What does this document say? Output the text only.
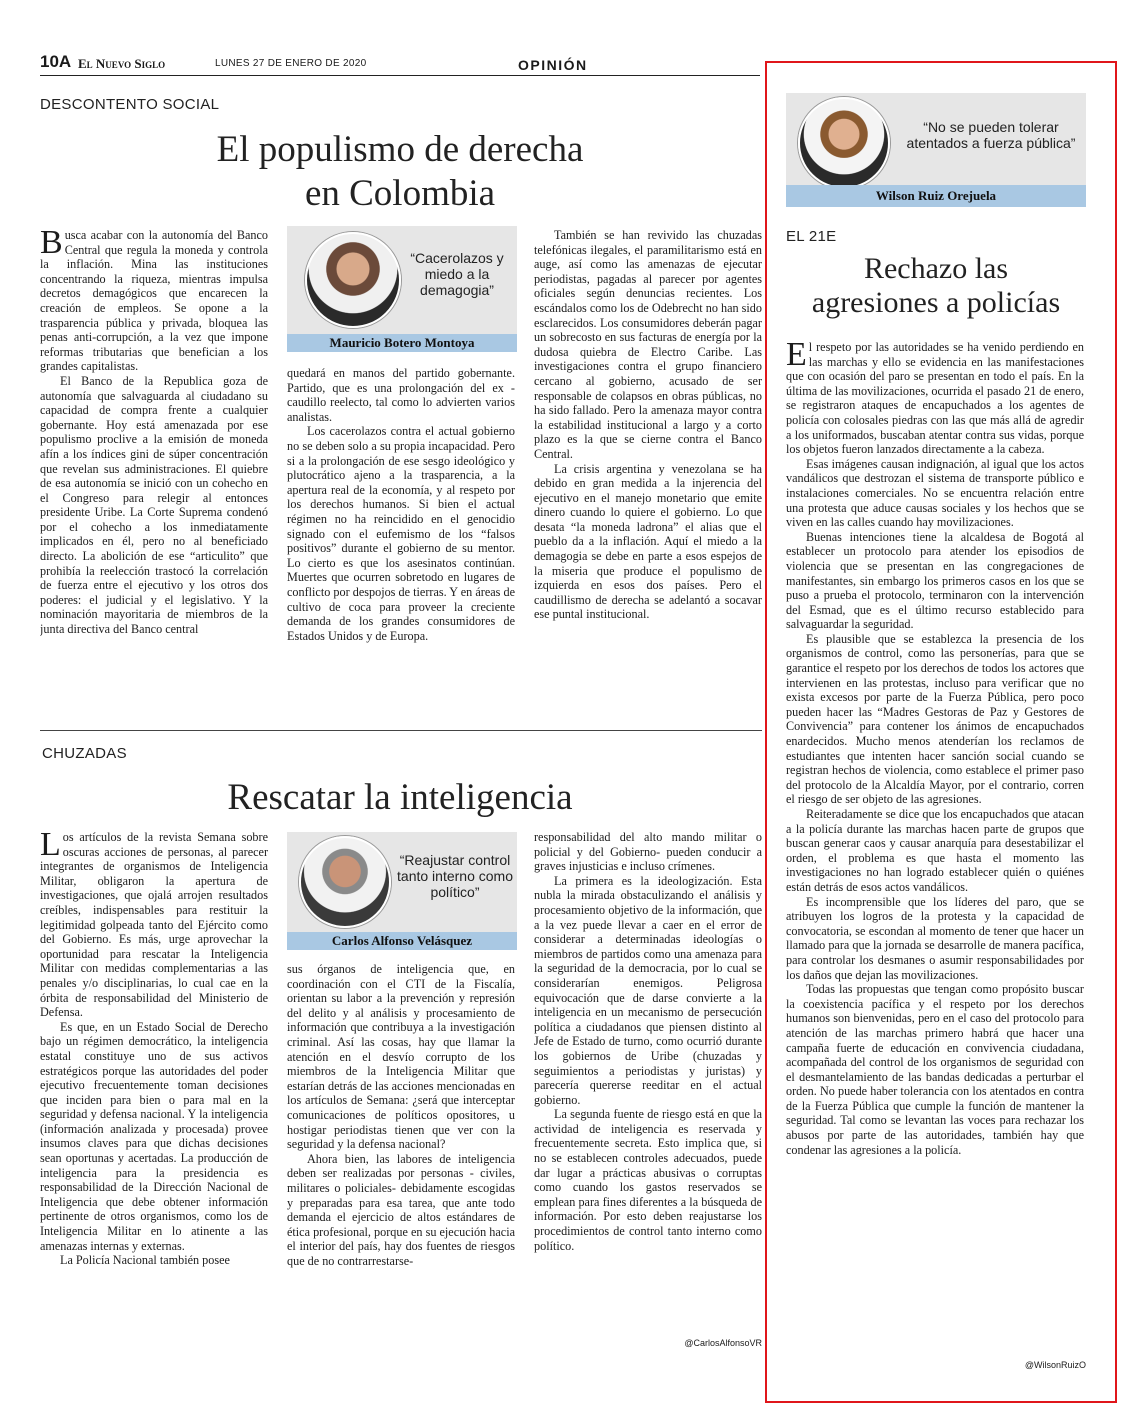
10A El Nuevo Siglo	LUNES 27 DE ENERO DE 2020	OPINIÓN
DESCONTENTO SOCIAL
El populismo de derecha
en Colombia

Busca acabar con la autonomía del Banco Central que regula la moneda y controla la inflación. Mina las instituciones concentrando la riqueza, mientras impulsa decretos demagógicos que encarecen la creación de empleos. Se opone a la trasparencia pública y privada, bloquea las penas anti-corrupción, a la vez que impone reformas tributarias que benefician a los grandes capitalistas.

El Banco de la Republica goza de autonomía que salvaguarda al ciudadano su capacidad de compra frente a cualquier gobernante. Hoy está amenazada por ese populismo proclive a la emisión de moneda afín a los índices gini de súper concentración que revelan sus administraciones. El quiebre de esa autonomía se inició con un cohecho en el Congreso para relegir al entonces presidente Uribe. La Corte Suprema condenó por el cohecho a los inmediatamente implicados en él, pero no al beneficiado directo. La abolición de ese “articulito” que prohibía la reelección trastocó la correlación de fuerza entre el ejecutivo y los otros dos poderes: el judicial y el legislativo. Y la nominación mayoritaria de miembros de la junta directiva del Banco central

“Cacerolazos y miedo a la demagogia”
Mauricio Botero Montoya

quedará en manos del partido gobernante. Partido, que es una prolongación del ex - caudillo reelecto, tal como lo advierten varios analistas.

Los cacerolazos contra el actual gobierno no se deben solo a su propia incapacidad. Pero si a la prolongación de ese sesgo ideológico y plutocrático ajeno a la trasparencia, a la apertura real de la economía, y al respeto por los derechos humanos. Si bien el actual régimen no ha reincidido en el genocidio signado con el eufemismo de los “falsos positivos” durante el gobierno de su mentor. Lo cierto es que los asesinatos continúan. Muertes que ocurren sobretodo en lugares de conflicto por despojos de tierras. Y en áreas de cultivo de coca para proveer la creciente demanda de los grandes consumidores de Estados Unidos y de Europa.

También se han revivido las chuzadas telefónicas ilegales, el paramilitarismo está en auge, así como las amenazas de ejecutar periodistas, pagadas al parecer por agentes oficiales según denuncias recientes. Los escándalos como los de Odebrecht no han sido esclarecidos. Los consumidores deberán pagar un sobrecosto en sus facturas de energía por la dudosa quiebra de Electro Caribe. Las investigaciones contra el grupo financiero cercano al gobierno, acusado de ser responsable de colapsos en obras públicas, no ha sido fallado. Pero la amenaza mayor contra la estabilidad institucional a largo y a corto plazo es la que se cierne contra el Banco Central.

La crisis argentina y venezolana se ha debido en gran medida a la injerencia del ejecutivo en el manejo monetario que emite dinero cuando lo quiere el gobierno. Lo que desata “la moneda ladrona” el alias que el pueblo da a la inflación. Aquí el miedo a la demagogia se debe en parte a esos espejos de la miseria que produce el populismo de izquierda en esos dos países. Pero el caudillismo de derecha se adelantó a socavar ese puntal institucional.

CHUZADAS
Rescatar la inteligencia

Los artículos de la revista Semana sobre oscuras acciones de personas, al parecer integrantes de organismos de Inteligencia Militar, obligaron la apertura de investigaciones, que ojalá arrojen resultados creíbles, indispensables para restituir la legitimidad golpeada tanto del Ejército como del Gobierno. Es más, urge aprovechar la oportunidad para rescatar la Inteligencia Militar con medidas complementarias a las penales y/o disciplinarias, lo cual cae en la órbita de responsabilidad del Ministerio de Defensa.

Es que, en un Estado Social de Derecho bajo un régimen democrático, la inteligencia estatal constituye uno de sus activos estratégicos porque las autoridades del poder ejecutivo frecuentemente toman decisiones que inciden para bien o para mal en la seguridad y defensa nacional. Y la inteligencia (información analizada y procesada) provee insumos claves para que dichas decisiones sean oportunas y acertadas. La producción de inteligencia para la presidencia es responsabilidad de la Dirección Nacional de Inteligencia que debe obtener información pertinente de otros organismos, como los de Inteligencia Militar en lo atinente a las amenazas internas y externas.

La Policía Nacional también posee

“Reajustar control tanto interno como político”
Carlos Alfonso Velásquez

sus órganos de inteligencia que, en coordinación con el CTI de la Fiscalía, orientan su labor a la prevención y represión del delito y al análisis y procesamiento de información que contribuya a la investigación criminal. Así las cosas, hay que llamar la atención en el desvío corrupto de los miembros de la Inteligencia Militar que estarían detrás de las acciones mencionadas en los artículos de Semana: ¿será que interceptar comunicaciones de políticos opositores, u hostigar periodistas tienen que ver con la seguridad y la defensa nacional?

Ahora bien, las labores de inteligencia deben ser realizadas por personas - civiles, militares o policiales- debidamente escogidas y preparadas para esa tarea, que ante todo demanda el ejercicio de altos estándares de ética profesional, porque en su ejecución hacia el interior del país, hay dos fuentes de riesgos que de no contrarrestarse-

responsabilidad del alto mando militar o policial y del Gobierno- pueden conducir a graves injusticias e incluso crímenes.

La primera es la ideologización. Esta nubla la mirada obstaculizando el análisis y procesamiento objetivo de la información, que a la vez puede llevar a caer en el error de considerar a determinadas ideologías o miembros de partidos como una amenaza para la seguridad de la democracia, por lo cual se considerarían enemigos. Peligrosa equivocación que de darse convierte a la inteligencia en un mecanismo de persecución política a ciudadanos que piensen distinto al Jefe de Estado de turno, como ocurrió durante los gobiernos de Uribe (chuzadas y seguimientos a periodistas y juristas) y parecería quererse reeditar en el actual gobierno.

La segunda fuente de riesgo está en que la actividad de inteligencia es reservada y frecuentemente secreta. Esto implica que, si no se establecen controles adecuados, puede dar lugar a prácticas abusivas o corruptas como cuando los gastos reservados se emplean para fines diferentes a la búsqueda de información. Por esto deben reajustarse los procedimientos de control tanto interno como político.

@CarlosAlfonsoVR
“No se pueden tolerar atentados a fuerza pública”
Wilson Ruiz Orejuela
EL 21E
Rechazo las
agresiones a policías

El respeto por las autoridades se ha venido perdiendo en las marchas y ello se evidencia en las manifestaciones que con ocasión del paro se presentan en todo el país. En la última de las movilizaciones, ocurrida el pasado 21 de enero, se registraron ataques de encapuchados a los agentes de policía con colosales piedras con las que más allá de agredir a los uniformados, buscaban atentar contra sus vidas, porque los objetos fueron lanzados directamente a la cabeza.

Esas imágenes causan indignación, al igual que los actos vandálicos que destrozan el sistema de transporte público e instalaciones comerciales. No se encuentra relación entre una protesta que aduce causas sociales y los hechos que se viven en las calles cuando hay movilizaciones.

Buenas intenciones tiene la alcaldesa de Bogotá al establecer un protocolo para atender los episodios de violencia que se presentan en las congregaciones de manifestantes, sin embargo los primeros casos en los que se puso a prueba el protocolo, terminaron con la intervención del Esmad, que es el último recurso establecido para salvaguardar la seguridad.

Es plausible que se establezca la presencia de los organismos de control, como las personerías, para que se garantice el respeto por los derechos de todos los actores que intervienen en las protestas, incluso para verificar que no exista excesos por parte de la Fuerza Pública, pero poco pueden hacer las “Madres Gestoras de Paz y Gestores de Convivencia” para contener los ánimos de encapuchados enardecidos. Mucho menos atenderían los reclamos de estudiantes que intenten hacer sanción social cuando se registran hechos de violencia, como establece el primer paso del protocolo de la Alcaldía Mayor, por el contrario, corren el riesgo de ser objeto de las agresiones.

Reiteradamente se dice que los encapuchados que atacan a la policía durante las marchas hacen parte de grupos que buscan generar caos y causar anarquía para desestabilizar el orden, el problema es que hasta el momento las investigaciones no han logrado establecer quién o quiénes están detrás de esos actos vandálicos.

Es incomprensible que los líderes del paro, que se atribuyen los logros de la protesta y la capacidad de convocatoria, se escondan al momento de tener que hacer un llamado para que la jornada se desarrolle de manera pacífica, para controlar los desmanes o asumir responsabilidades por los daños que dejan las movilizaciones.

Todas las propuestas que tengan como propósito buscar la coexistencia pacífica y el respeto por los derechos humanos son bienvenidas, pero en el caso del protocolo para atención de las marchas primero habrá que hacer una campaña fuerte de educación en convivencia ciudadana, acompañada del control de los organismos de seguridad con el desmantelamiento de las bandas dedicadas a perturbar el orden. No puede haber tolerancia con los atentados en contra de la Fuerza Pública que cumple la función de mantener la seguridad. Tal como se levantan las voces para rechazar los abusos por parte de las autoridades, también hay que condenar las agresiones a la policía.

@WilsonRuizO
